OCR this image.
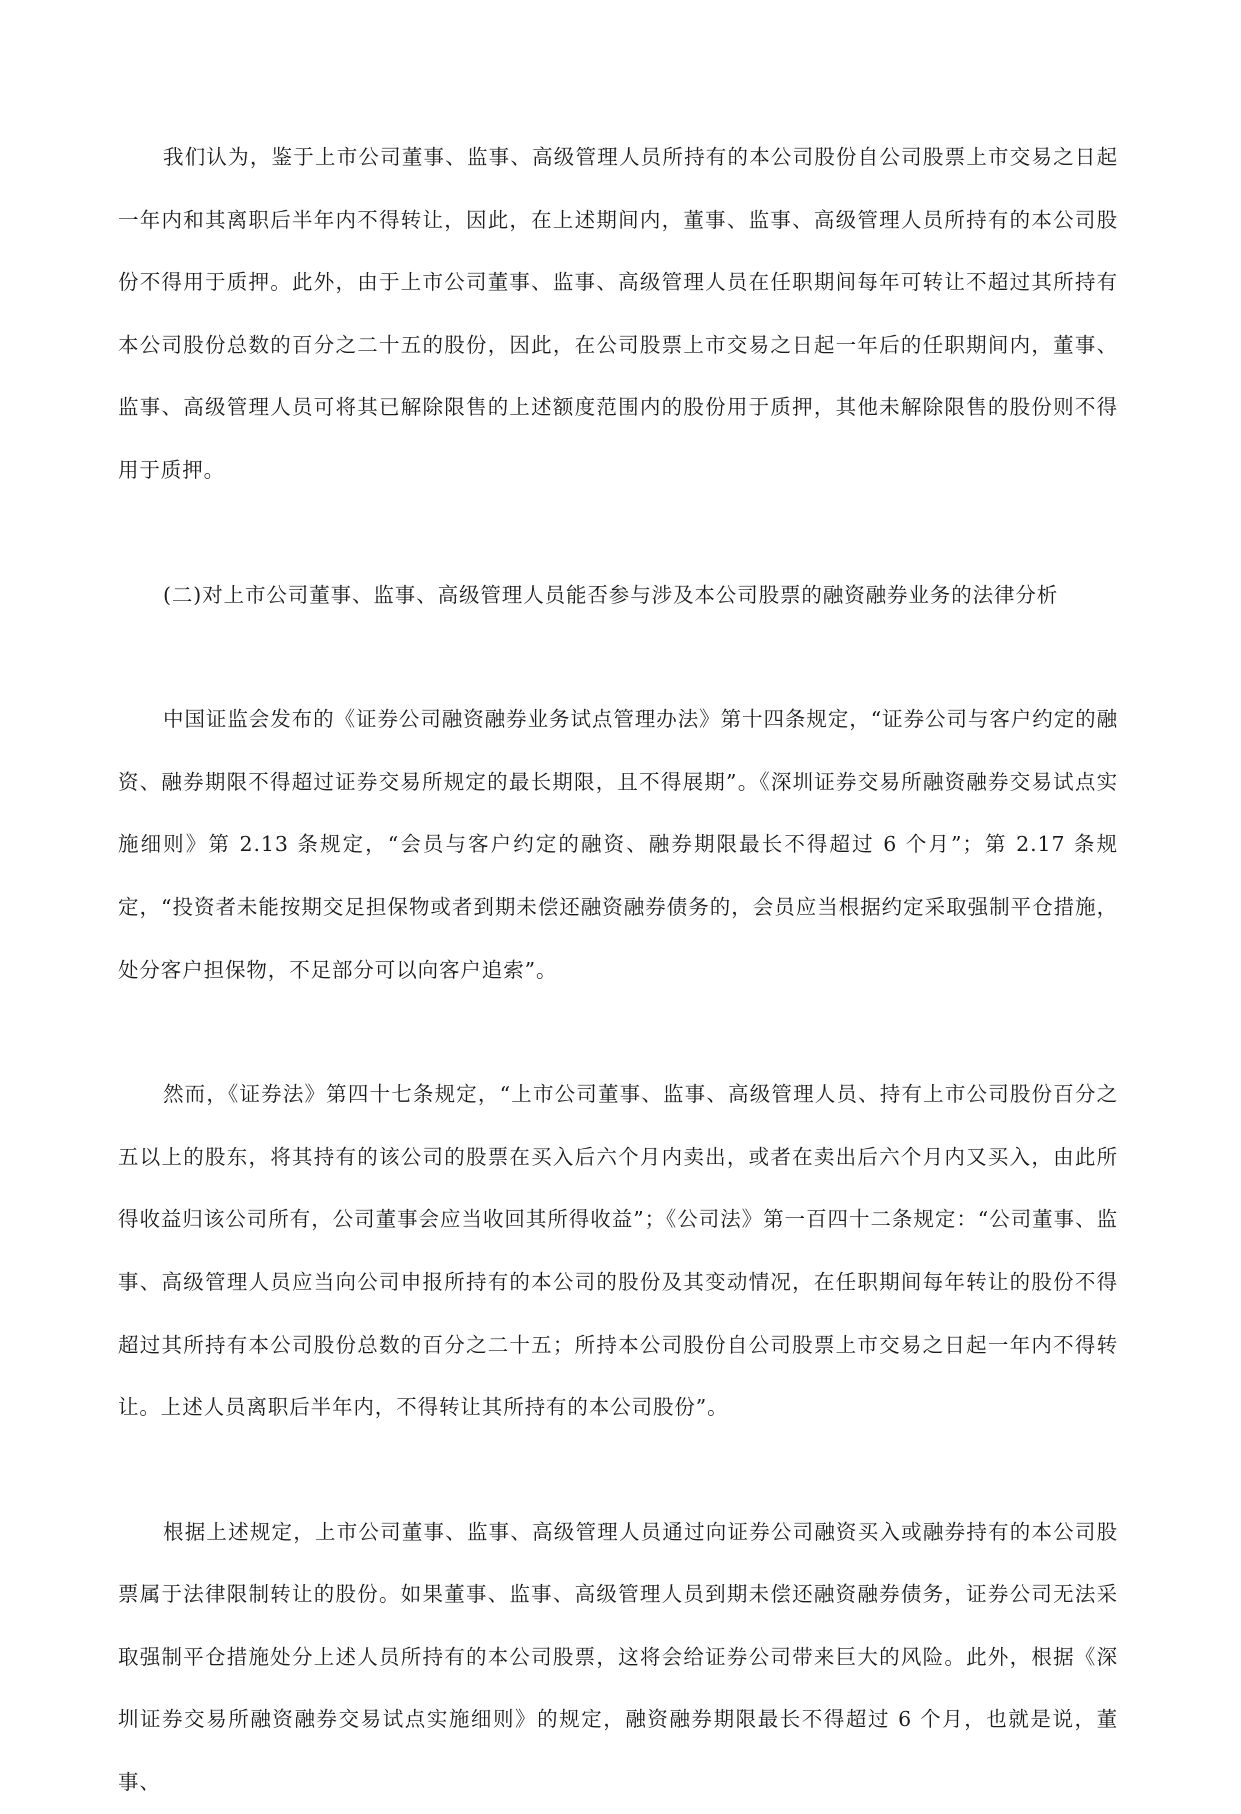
我们认为，鉴于上市公司董事、监事、高级管理人员所持有的本公司股份自公司股票上市交易之日起一年内和其离职后半年内不得转让，因此，在上述期间内，董事、监事、高级管理人员所持有的本公司股份不得用于质押。此外，由于上市公司董事、监事、高级管理人员在任职期间每年可转让不超过其所持有本公司股份总数的百分之二十五的股份，因此，在公司股票上市交易之日起一年后的任职期间内，董事、监事、高级管理人员可将其已解除限售的上述额度范围内的股份用于质押，其他未解除限售的股份则不得用于质押。

(二)对上市公司董事、监事、高级管理人员能否参与涉及本公司股票的融资融券业务的法律分析

中国证监会发布的《证券公司融资融券业务试点管理办法》第十四条规定，“证券公司与客户约定的融资、融券期限不得超过证券交易所规定的最长期限，且不得展期”。《深圳证券交易所融资融券交易试点实施细则》第 2.13 条规定，“会员与客户约定的融资、融券期限最长不得超过 6 个月”；第 2.17 条规定，“投资者未能按期交足担保物或者到期未偿还融资融券债务的，会员应当根据约定采取强制平仓措施，处分客户担保物，不足部分可以向客户追索”。

然而，《证券法》第四十七条规定，“上市公司董事、监事、高级管理人员、持有上市公司股份百分之五以上的股东，将其持有的该公司的股票在买入后六个月内卖出，或者在卖出后六个月内又买入，由此所得收益归该公司所有，公司董事会应当收回其所得收益”；《公司法》第一百四十二条规定：“公司董事、监事、高级管理人员应当向公司申报所持有的本公司的股份及其变动情况，在任职期间每年转让的股份不得超过其所持有本公司股份总数的百分之二十五；所持本公司股份自公司股票上市交易之日起一年内不得转让。上述人员离职后半年内，不得转让其所持有的本公司股份”。

根据上述规定，上市公司董事、监事、高级管理人员通过向证券公司融资买入或融券持有的本公司股票属于法律限制转让的股份。如果董事、监事、高级管理人员到期未偿还融资融券债务，证券公司无法采取强制平仓措施处分上述人员所持有的本公司股票，这将会给证券公司带来巨大的风险。此外，根据《深圳证券交易所融资融券交易试点实施细则》的规定，融资融券期限最长不得超过 6 个月，也就是说，董事、
